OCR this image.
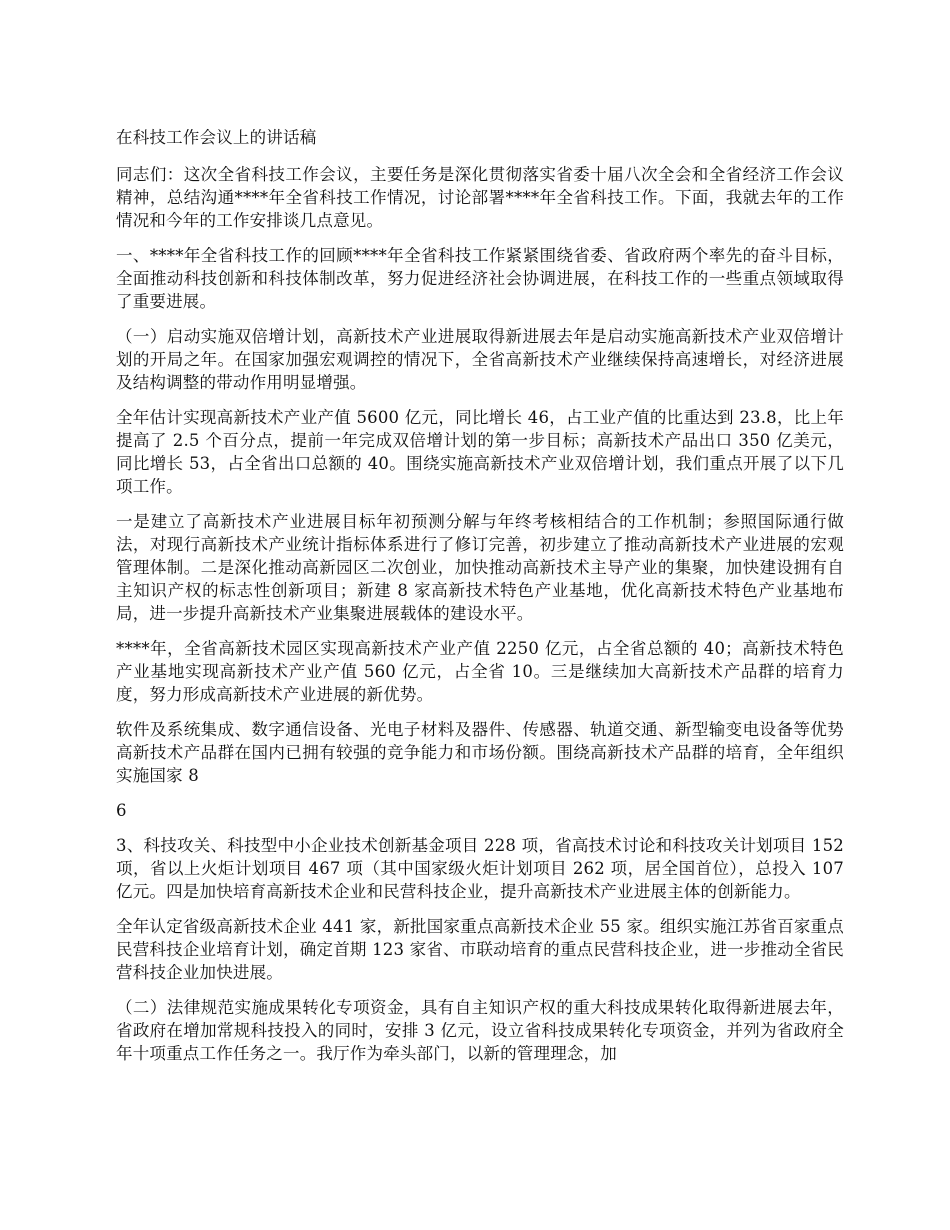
在科技工作会议上的讲话稿

同志们：这次全省科技工作会议，主要任务是深化贯彻落实省委十届八次全会和全省经济工作会议精神，总结沟通****年全省科技工作情况，讨论部署****年全省科技工作。下面，我就去年的工作情况和今年的工作安排谈几点意见。

一、****年全省科技工作的回顾****年全省科技工作紧紧围绕省委、省政府两个率先的奋斗目标，全面推动科技创新和科技体制改革，努力促进经济社会协调进展，在科技工作的一些重点领域取得了重要进展。

（一）启动实施双倍增计划，高新技术产业进展取得新进展去年是启动实施高新技术产业双倍增计划的开局之年。在国家加强宏观调控的情况下，全省高新技术产业继续保持高速增长，对经济进展及结构调整的带动作用明显增强。

全年估计实现高新技术产业产值 5600 亿元，同比增长 46，占工业产值的比重达到 23.8，比上年提高了 2.5 个百分点，提前一年完成双倍增计划的第一步目标；高新技术产品出口 350 亿美元，同比增长 53，占全省出口总额的 40。围绕实施高新技术产业双倍增计划，我们重点开展了以下几项工作。

一是建立了高新技术产业进展目标年初预测分解与年终考核相结合的工作机制；参照国际通行做法，对现行高新技术产业统计指标体系进行了修订完善，初步建立了推动高新技术产业进展的宏观管理体制。二是深化推动高新园区二次创业，加快推动高新技术主导产业的集聚，加快建设拥有自主知识产权的标志性创新项目；新建 8 家高新技术特色产业基地，优化高新技术特色产业基地布局，进一步提升高新技术产业集聚进展载体的建设水平。

****年，全省高新技术园区实现高新技术产业产值 2250 亿元，占全省总额的 40；高新技术特色产业基地实现高新技术产业产值 560 亿元，占全省 10。三是继续加大高新技术产品群的培育力度，努力形成高新技术产业进展的新优势。

软件及系统集成、数字通信设备、光电子材料及器件、传感器、轨道交通、新型输变电设备等优势高新技术产品群在国内已拥有较强的竞争能力和市场份额。围绕高新技术产品群的培育，全年组织实施国家 8

6

3、科技攻关、科技型中小企业技术创新基金项目 228 项，省高技术讨论和科技攻关计划项目 152 项，省以上火炬计划项目 467 项（其中国家级火炬计划项目 262 项，居全国首位），总投入 107 亿元。四是加快培育高新技术企业和民营科技企业，提升高新技术产业进展主体的创新能力。

全年认定省级高新技术企业 441 家，新批国家重点高新技术企业 55 家。组织实施江苏省百家重点民营科技企业培育计划，确定首期 123 家省、市联动培育的重点民营科技企业，进一步推动全省民营科技企业加快进展。

（二）法律规范实施成果转化专项资金，具有自主知识产权的重大科技成果转化取得新进展去年，省政府在增加常规科技投入的同时，安排 3 亿元，设立省科技成果转化专项资金，并列为省政府全年十项重点工作任务之一。我厅作为牵头部门，以新的管理理念，加
